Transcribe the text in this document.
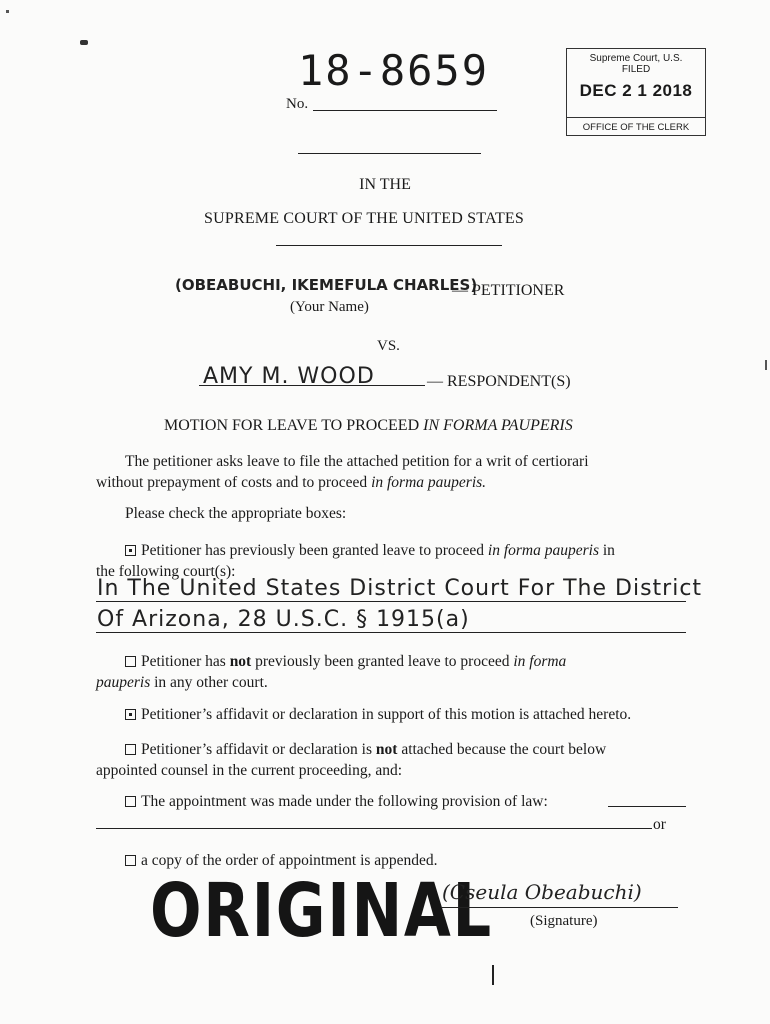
18-8659
No.
Supreme Court, U.S.
FILED
DEC 2 1 2018
OFFICE OF THE CLERK
IN THE
SUPREME COURT OF THE UNITED STATES
(OBEABUCHI, IKEMEFULA CHARLES)
— PETITIONER
(Your Name)
VS.
AMY M. WOOD	— RESPONDENT(S)
MOTION FOR LEAVE TO PROCEED IN FORMA PAUPERIS
The petitioner asks leave to file the attached petition for a writ of certiorari
without prepayment of costs and to proceed in forma pauperis.
Please check the appropriate boxes:
Petitioner has previously been granted leave to proceed in forma pauperis in
the following court(s):
In The United States District Court For The District
Of Arizona, 28 U.S.C. § 1915(a)
Petitioner has not previously been granted leave to proceed in forma
pauperis in any other court.
Petitioner’s affidavit or declaration in support of this motion is attached hereto.
Petitioner’s affidavit or declaration is not attached because the court below
appointed counsel in the current proceeding, and:
The appointment was made under the following provision of law:
or
a copy of the order of appointment is appended.
ORIGINAL
(Cseula Obeabuchi)
(Signature)
